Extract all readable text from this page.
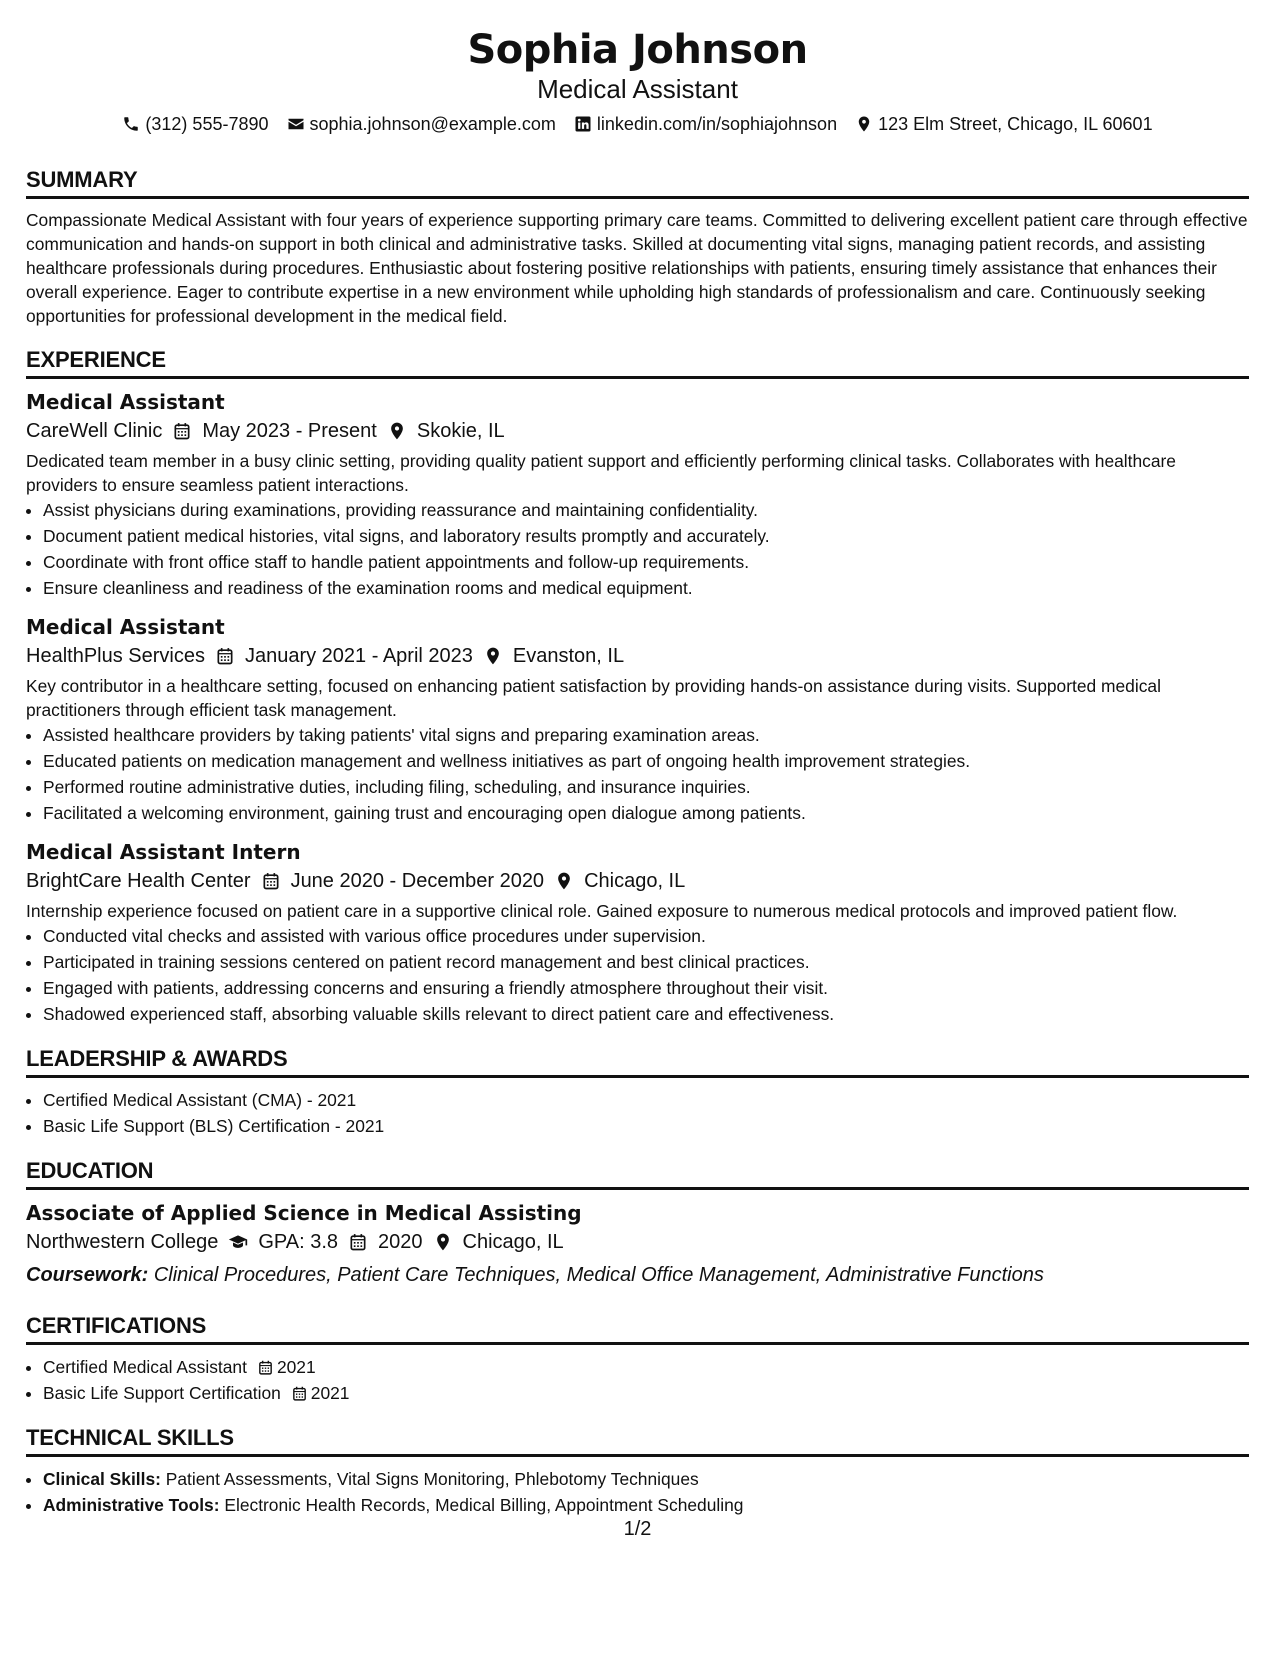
Sophia Johnson
Medical Assistant
(312) 555-7890 sophia.johnson@example.com linkedin.com/in/sophiajohnson 123 Elm Street, Chicago, IL 60601
SUMMARY

Compassionate Medical Assistant with four years of experience supporting primary care teams. Committed to delivering excellent patient care through effective communication and hands-on support in both clinical and administrative tasks. Skilled at documenting vital signs, managing patient records, and assisting healthcare professionals during procedures. Enthusiastic about fostering positive relationships with patients, ensuring timely assistance that enhances their overall experience. Eager to contribute expertise in a new environment while upholding high standards of professionalism and care. Continuously seeking opportunities for professional development in the medical field.

EXPERIENCE
Medical Assistant
CareWell Clinic May 2023 - Present Skokie, IL

Dedicated team member in a busy clinic setting, providing quality patient support and efficiently performing clinical tasks. Collaborates with healthcare providers to ensure seamless patient interactions.

• Assist physicians during examinations, providing reassurance and maintaining confidentiality.
• Document patient medical histories, vital signs, and laboratory results promptly and accurately.
• Coordinate with front office staff to handle patient appointments and follow-up requirements.
• Ensure cleanliness and readiness of the examination rooms and medical equipment.
Medical Assistant
HealthPlus Services January 2021 - April 2023 Evanston, IL

Key contributor in a healthcare setting, focused on enhancing patient satisfaction by providing hands-on assistance during visits. Supported medical practitioners through efficient task management.

• Assisted healthcare providers by taking patients' vital signs and preparing examination areas.
• Educated patients on medication management and wellness initiatives as part of ongoing health improvement strategies.
• Performed routine administrative duties, including filing, scheduling, and insurance inquiries.
• Facilitated a welcoming environment, gaining trust and encouraging open dialogue among patients.
Medical Assistant Intern
BrightCare Health Center June 2020 - December 2020 Chicago, IL

Internship experience focused on patient care in a supportive clinical role. Gained exposure to numerous medical protocols and improved patient flow.

• Conducted vital checks and assisted with various office procedures under supervision.
• Participated in training sessions centered on patient record management and best clinical practices.
• Engaged with patients, addressing concerns and ensuring a friendly atmosphere throughout their visit.
• Shadowed experienced staff, absorbing valuable skills relevant to direct patient care and effectiveness.
LEADERSHIP & AWARDS
• Certified Medical Assistant (CMA) - 2021
• Basic Life Support (BLS) Certification - 2021
EDUCATION
Associate of Applied Science in Medical Assisting
Northwestern College GPA: 3.8 2020 Chicago, IL
Coursework: Clinical Procedures, Patient Care Techniques, Medical Office Management, Administrative Functions
CERTIFICATIONS
• Certified Medical Assistant 2021
• Basic Life Support Certification 2021
TECHNICAL SKILLS
• Clinical Skills: Patient Assessments, Vital Signs Monitoring, Phlebotomy Techniques
• Administrative Tools: Electronic Health Records, Medical Billing, Appointment Scheduling
1/2
